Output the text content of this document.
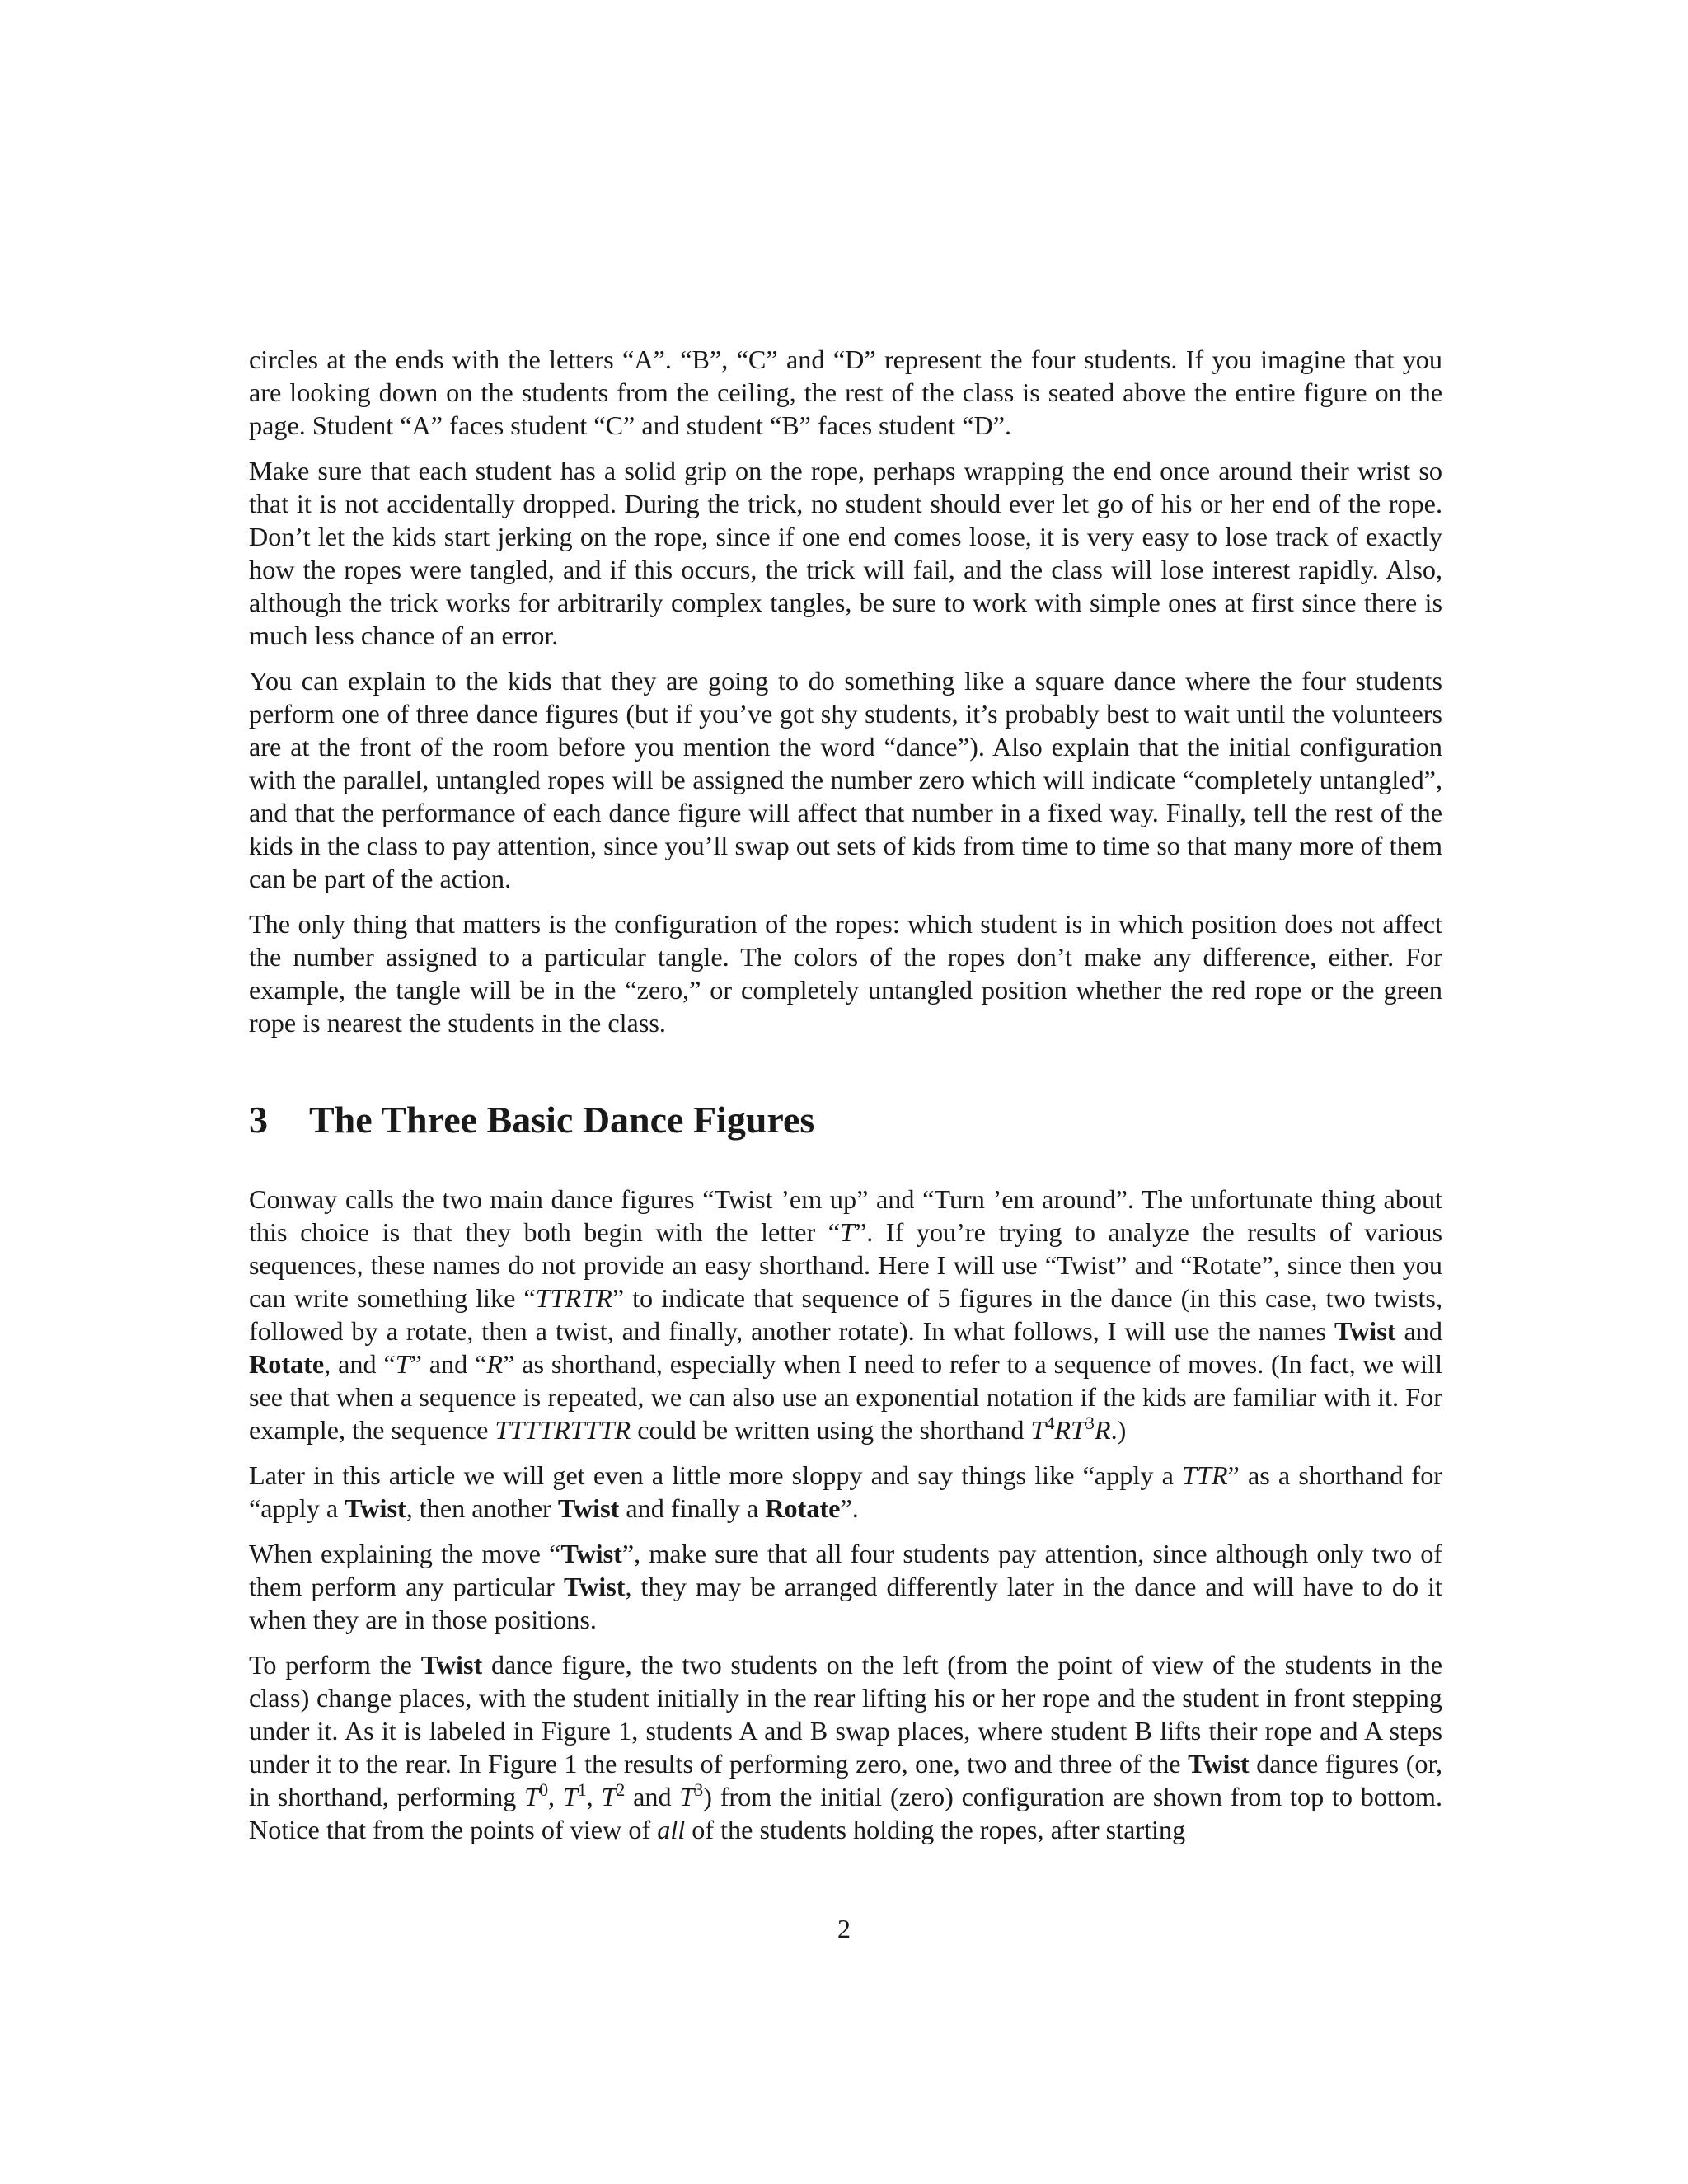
circles at the ends with the letters “A”. “B”, “C” and “D” represent the four students. If you imagine that you are looking down on the students from the ceiling, the rest of the class is seated above the entire figure on the page. Student “A” faces student “C” and student “B” faces student “D”.

Make sure that each student has a solid grip on the rope, perhaps wrapping the end once around their wrist so that it is not accidentally dropped. During the trick, no student should ever let go of his or her end of the rope. Don’t let the kids start jerking on the rope, since if one end comes loose, it is very easy to lose track of exactly how the ropes were tangled, and if this occurs, the trick will fail, and the class will lose interest rapidly. Also, although the trick works for arbitrarily complex tangles, be sure to work with simple ones at first since there is much less chance of an error.

You can explain to the kids that they are going to do something like a square dance where the four students perform one of three dance figures (but if you’ve got shy students, it’s probably best to wait until the volunteers are at the front of the room before you mention the word “dance”). Also explain that the initial configuration with the parallel, untangled ropes will be assigned the number zero which will indicate “completely untangled”, and that the performance of each dance figure will affect that number in a fixed way. Finally, tell the rest of the kids in the class to pay attention, since you’ll swap out sets of kids from time to time so that many more of them can be part of the action.

The only thing that matters is the configuration of the ropes: which student is in which position does not affect the number assigned to a particular tangle. The colors of the ropes don’t make any difference, either. For example, the tangle will be in the “zero,” or completely untangled position whether the red rope or the green rope is nearest the students in the class.

3 The Three Basic Dance Figures

Conway calls the two main dance figures “Twist ’em up” and “Turn ’em around”. The unfortunate thing about this choice is that they both begin with the letter “T”. If you’re trying to analyze the results of various sequences, these names do not provide an easy shorthand. Here I will use “Twist” and “Rotate”, since then you can write something like “TTRTR” to indicate that sequence of 5 figures in the dance (in this case, two twists, followed by a rotate, then a twist, and finally, another rotate). In what follows, I will use the names Twist and Rotate, and “T” and “R” as shorthand, especially when I need to refer to a sequence of moves. (In fact, we will see that when a sequence is repeated, we can also use an exponential notation if the kids are familiar with it. For example, the sequence TTTTRTTTR could be written using the shorthand $T^4RT^3R$.)

Later in this article we will get even a little more sloppy and say things like “apply a TTR” as a shorthand for “apply a Twist, then another Twist and finally a Rotate”.

When explaining the move “Twist”, make sure that all four students pay attention, since although only two of them perform any particular Twist, they may be arranged differently later in the dance and will have to do it when they are in those positions.

To perform the Twist dance figure, the two students on the left (from the point of view of the students in the class) change places, with the student initially in the rear lifting his or her rope and the student in front stepping under it. As it is labeled in Figure 1, students A and B swap places, where student B lifts their rope and A steps under it to the rear. In Figure 1 the results of performing zero, one, two and three of the Twist dance figures (or, in shorthand, performing $T^0$, $T^1$, $T^2$ and $T^3$) from the initial (zero) configuration are shown from top to bottom. Notice that from the points of view of all of the students holding the ropes, after starting

2
